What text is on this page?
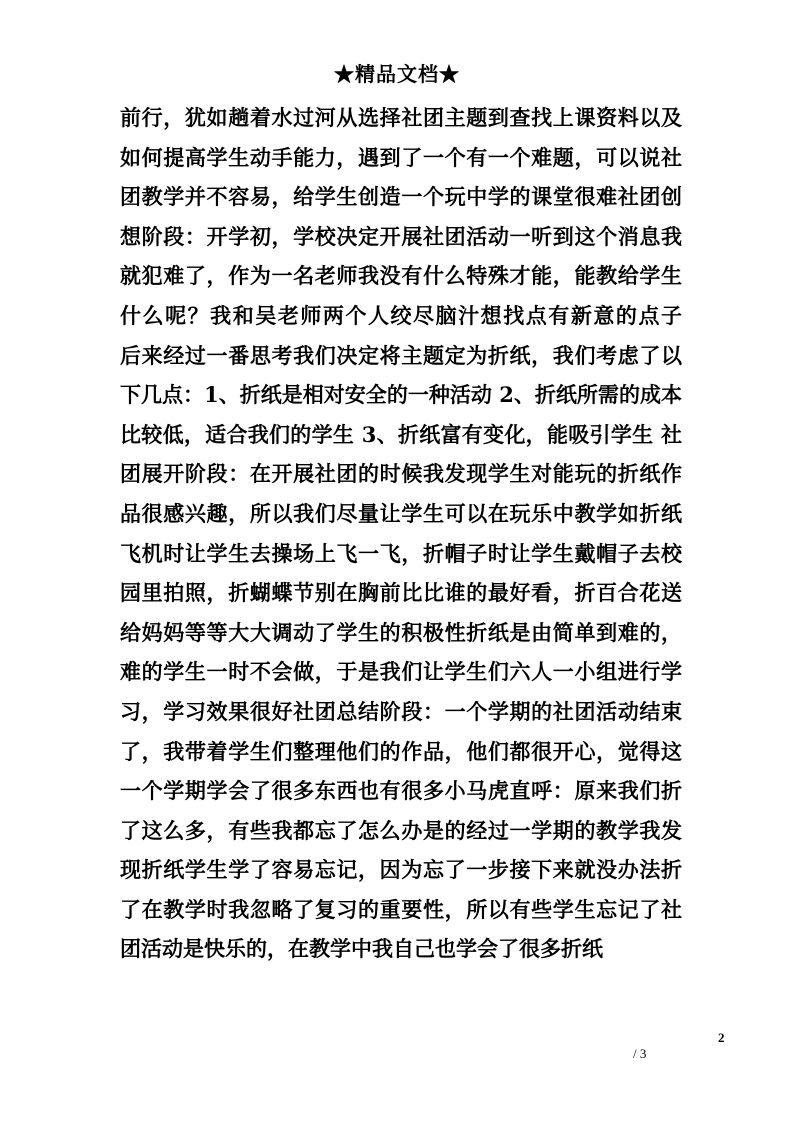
★精品文档★
前行，犹如趟着水过河从选择社团主题到查找上课资料以及
如何提高学生动手能力，遇到了一个有一个难题，可以说社
团教学并不容易，给学生创造一个玩中学的课堂很难社团创
想阶段：开学初，学校决定开展社团活动一听到这个消息我
就犯难了，作为一名老师我没有什么特殊才能，能教给学生
什么呢？我和吴老师两个人绞尽脑汁想找点有新意的点子
后来经过一番思考我们决定将主题定为折纸，我们考虑了以
下几点：1、折纸是相对安全的一种活动 2、折纸所需的成本
比较低，适合我们的学生 3、折纸富有变化，能吸引学生 社
团展开阶段：在开展社团的时候我发现学生对能玩的折纸作
品很感兴趣，所以我们尽量让学生可以在玩乐中教学如折纸
飞机时让学生去操场上飞一飞，折帽子时让学生戴帽子去校
园里拍照，折蝴蝶节别在胸前比比谁的最好看，折百合花送
给妈妈等等大大调动了学生的积极性折纸是由简单到难的，
难的学生一时不会做，于是我们让学生们六人一小组进行学
习，学习效果很好社团总结阶段：一个学期的社团活动结束
了，我带着学生们整理他们的作品，他们都很开心，觉得这
一个学期学会了很多东西也有很多小马虎直呼：原来我们折
了这么多，有些我都忘了怎么办是的经过一学期的教学我发
现折纸学生学了容易忘记，因为忘了一步接下来就没办法折
了在教学时我忽略了复习的重要性，所以有些学生忘记了社
团活动是快乐的，在教学中我自己也学会了很多折纸
2
/ 3
